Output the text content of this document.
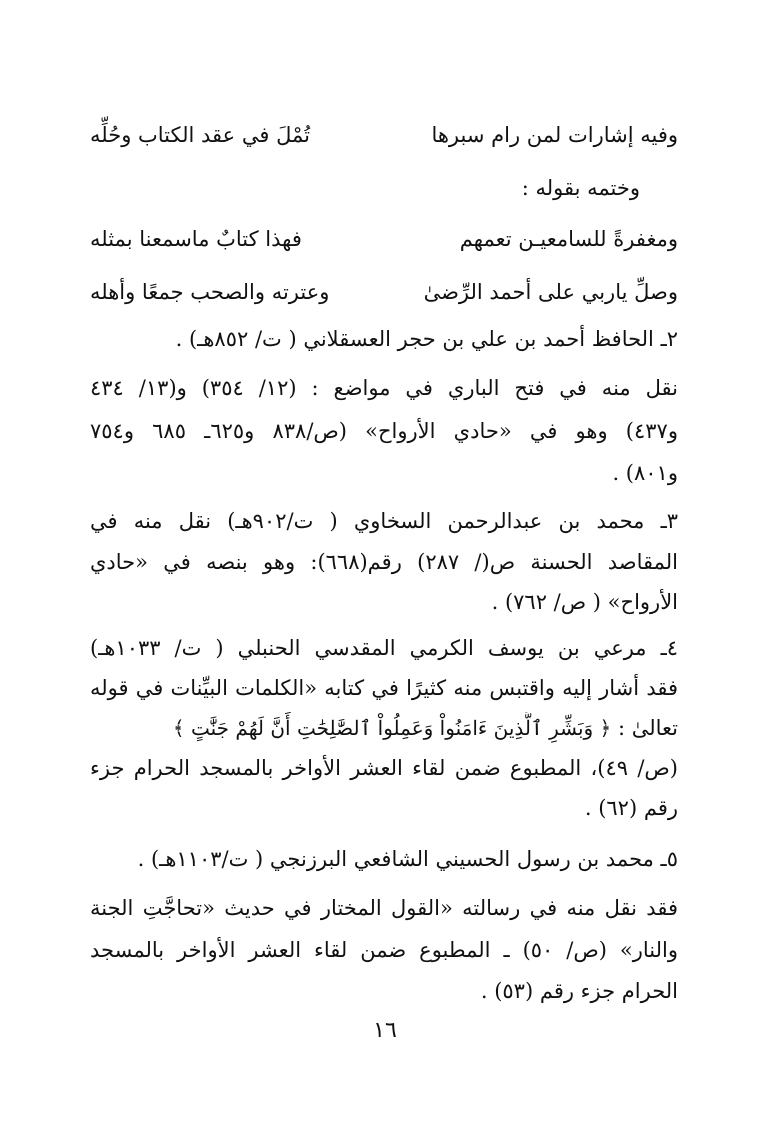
وفيه إشارات لمن رام سبرها
تُمْلَ في عقد الكتاب وحُلِّه
وختمه بقوله :
ومغفرةً للسامعيـن تعمهم
فهذا كتابٌ ماسمعنا بمثله
وصلِّ ياربي على أحمد الرِّضىٰ
وعترته والصحب جمعًا وأهله
٢ـ الحافظ أحمد بن علي بن حجر العسقلاني ( ت/ ٨٥٢هـ) .
نقل منه في فتح الباري في مواضع : (١٢/ ٣٥٤) و(١٣/ ٤٣٤
و٤٣٧) وهو في «حادي الأرواح» (ص/٨٣٨ و٦٢٥ـ ٦٨٥ و٧٥٤
و٨٠١) .
٣ـ محمد بن عبدالرحمن السخاوي ( ت/٩٠٢هـ) نقل منه في
المقاصد الحسنة ص(/ ٢٨٧) رقم(٦٦٨): وهو بنصه في «حادي
الأرواح» ( ص/ ٧٦٢) .
٤ـ مرعي بن يوسف الكرمي المقدسي الحنبلي ( ت/ ١٠٣٣هـ)
فقد أشار إليه واقتبس منه كثيرًا في كتابه «الكلمات البيِّنات في قوله
تعالىٰ : ﴿ وَبَشِّرِ ٱلَّذِينَ ءَامَنُواْ وَعَمِلُواْ ٱلصَّٰلِحَٰتِ أَنَّ لَهُمْ جَنَّٰتٍ ﴾
(ص/ ٤٩)، المطبوع ضمن لقاء العشر الأواخر بالمسجد الحرام جزء
رقم (٦٢) .
٥ـ محمد بن رسول الحسيني الشافعي البرزنجي ( ت/١١٠٣هـ) .
فقد نقل منه في رسالته «القول المختار في حديث «تحاجَّتِ الجنة
والنار» (ص/ ٥٠) ـ المطبوع ضمن لقاء العشر الأواخر بالمسجد
الحرام جزء رقم (٥٣) .
١٦
